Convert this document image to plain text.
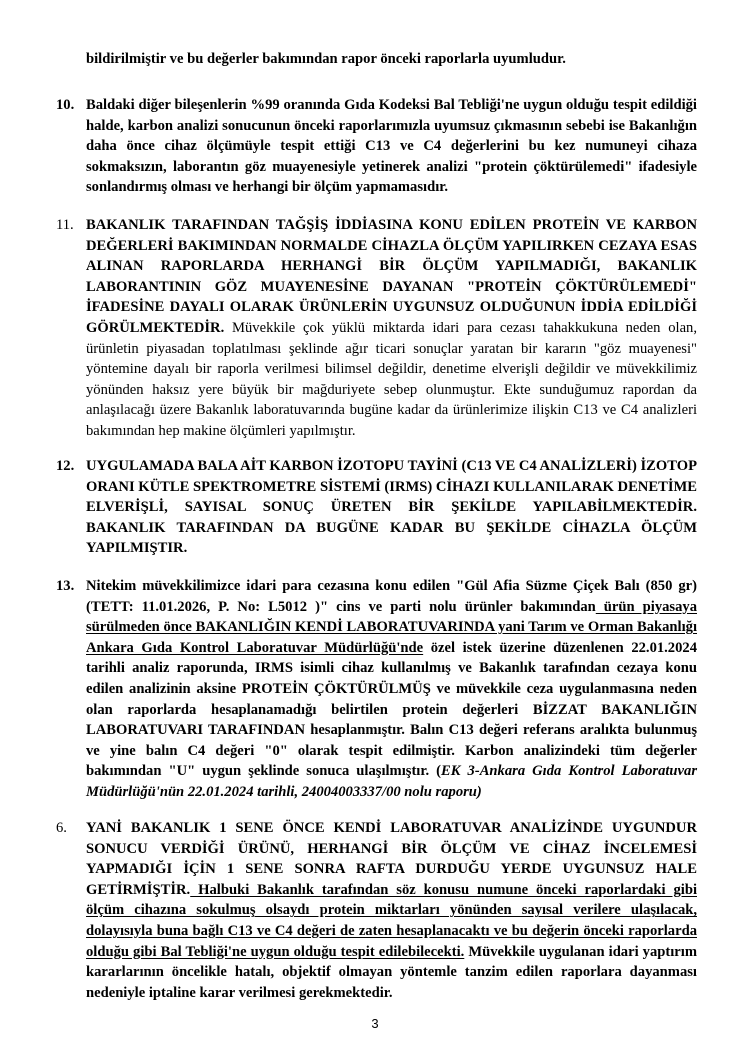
bildirilmiştir ve bu değerler bakımından rapor önceki raporlarla uyumludur.

10. Baldaki diğer bileşenlerin %99 oranında Gıda Kodeksi Bal Tebliği'ne uygun olduğu tespit edildiği halde, karbon analizi sonucunun önceki raporlarımızla uyumsuz çıkmasının sebebi ise Bakanlığın daha önce cihaz ölçümüyle tespit ettiği C13 ve C4 değerlerini bu kez numuneyi cihaza sokmaksızın, laborantın göz muayenesiyle yetinerek analizi "protein çöktürülemedi" ifadesiyle sonlandırmış olması ve herhangi bir ölçüm yapmamasıdır.

11. BAKANLIK TARAFINDAN TAĞŞİŞ İDDİASINA KONU EDİLEN PROTEİN VE KARBON DEĞERLERİ BAKIMINDAN NORMALDE CİHAZLA ÖLÇÜM YAPILIRKEN CEZAYA ESAS ALINAN RAPORLARDA HERHANGİ BİR ÖLÇÜM YAPILMADIĞI, BAKANLIK LABORANTININ GÖZ MUAYENESİNE DAYANAN "PROTEİN ÇÖKTÜRÜLEMEDİ" İFADESİNE DAYALI OLARAK ÜRÜNLERİN UYGUNSUZ OLDUĞUNUN İDDİA EDİLDİĞİ GÖRÜLMEKTEDİR. Müvekkile çok yüklü miktarda idari para cezası tahakkukuna neden olan, ürünletin piyasadan toplatılması şeklinde ağır ticari sonuçlar yaratan bir kararın "göz muayenesi" yöntemine dayalı bir raporla verilmesi bilimsel değildir, denetime elverişli değildir ve müvekkilimiz yönünden haksız yere büyük bir mağduriyete sebep olunmuştur. Ekte sunduğumuz rapordan da anlaşılacağı üzere Bakanlık laboratuvarında bugüne kadar da ürünlerimize ilişkin C13 ve C4 analizleri bakımından hep makine ölçümleri yapılmıştır.

12. UYGULAMADA BALA AİT KARBON İZOTOPU TAYİNİ (C13 VE C4 ANALİZLERİ) İZOTOP ORANI KÜTLE SPEKTROMETRE SİSTEMİ (IRMS) CİHAZI KULLANILARAK DENETİME ELVERİŞLİ, SAYISAL SONUÇ ÜRETEN BİR ŞEKİLDE YAPILABİLMEKTEDİR. BAKANLIK TARAFINDAN DA BUGÜNE KADAR BU ŞEKİLDE CİHAZLA ÖLÇÜM YAPILMIŞTIR.

13. Nitekim müvekkilimizce idari para cezasına konu edilen "Gül Afia Süzme Çiçek Balı (850 gr) (TETT: 11.01.2026, P. No: L5012 )" cins ve parti nolu ürünler bakımından ürün piyasaya sürülmeden önce BAKANLIĞIN KENDİ LABORATUVARINDA yani Tarım ve Orman Bakanlığı Ankara Gıda Kontrol Laboratuvar Müdürlüğü'nde özel istek üzerine düzenlenen 22.01.2024 tarihli analiz raporunda, IRMS isimli cihaz kullanılmış ve Bakanlık tarafından cezaya konu edilen analizinin aksine PROTEİN ÇÖKTÜRÜLMÜŞ ve müvekkile ceza uygulanmasına neden olan raporlarda hesaplanamadığı belirtilen protein değerleri BİZZAT BAKANLIĞIN LABORATUVARI TARAFINDAN hesaplanmıştır. Balın C13 değeri referans aralıkta bulunmuş ve yine balın C4 değeri "0" olarak tespit edilmiştir. Karbon analizindeki tüm değerler bakımından "U" uygun şeklinde sonuca ulaşılmıştır. (EK 3-Ankara Gıda Kontrol Laboratuvar Müdürlüğü'nün 22.01.2024 tarihli, 24004003337/00 nolu raporu)

6. YANİ BAKANLIK 1 SENE ÖNCE KENDİ LABORATUVAR ANALİZİNDE UYGUNDUR SONUCU VERDİĞİ ÜRÜNÜ, HERHANGİ BİR ÖLÇÜM VE CİHAZ İNCELEMESİ YAPMADIĞI İÇİN 1 SENE SONRA RAFTA DURDUĞU YERDE UYGUNSUZ HALE GETİRMİŞTİR. Halbuki Bakanlık tarafından söz konusu numune önceki raporlardaki gibi ölçüm cihazına sokulmuş olsaydı protein miktarları yönünden sayısal verilere ulaşılacak, dolayısıyla buna bağlı C13 ve C4 değeri de zaten hesaplanacaktı ve bu değerin önceki raporlarda olduğu gibi Bal Tebliği'ne uygun olduğu tespit edilebilecekti. Müvekkile uygulanan idari yaptırım kararlarının öncelikle hatalı, objektif olmayan yöntemle tanzim edilen raporlara dayanması nedeniyle iptaline karar verilmesi gerekmektedir.

3
